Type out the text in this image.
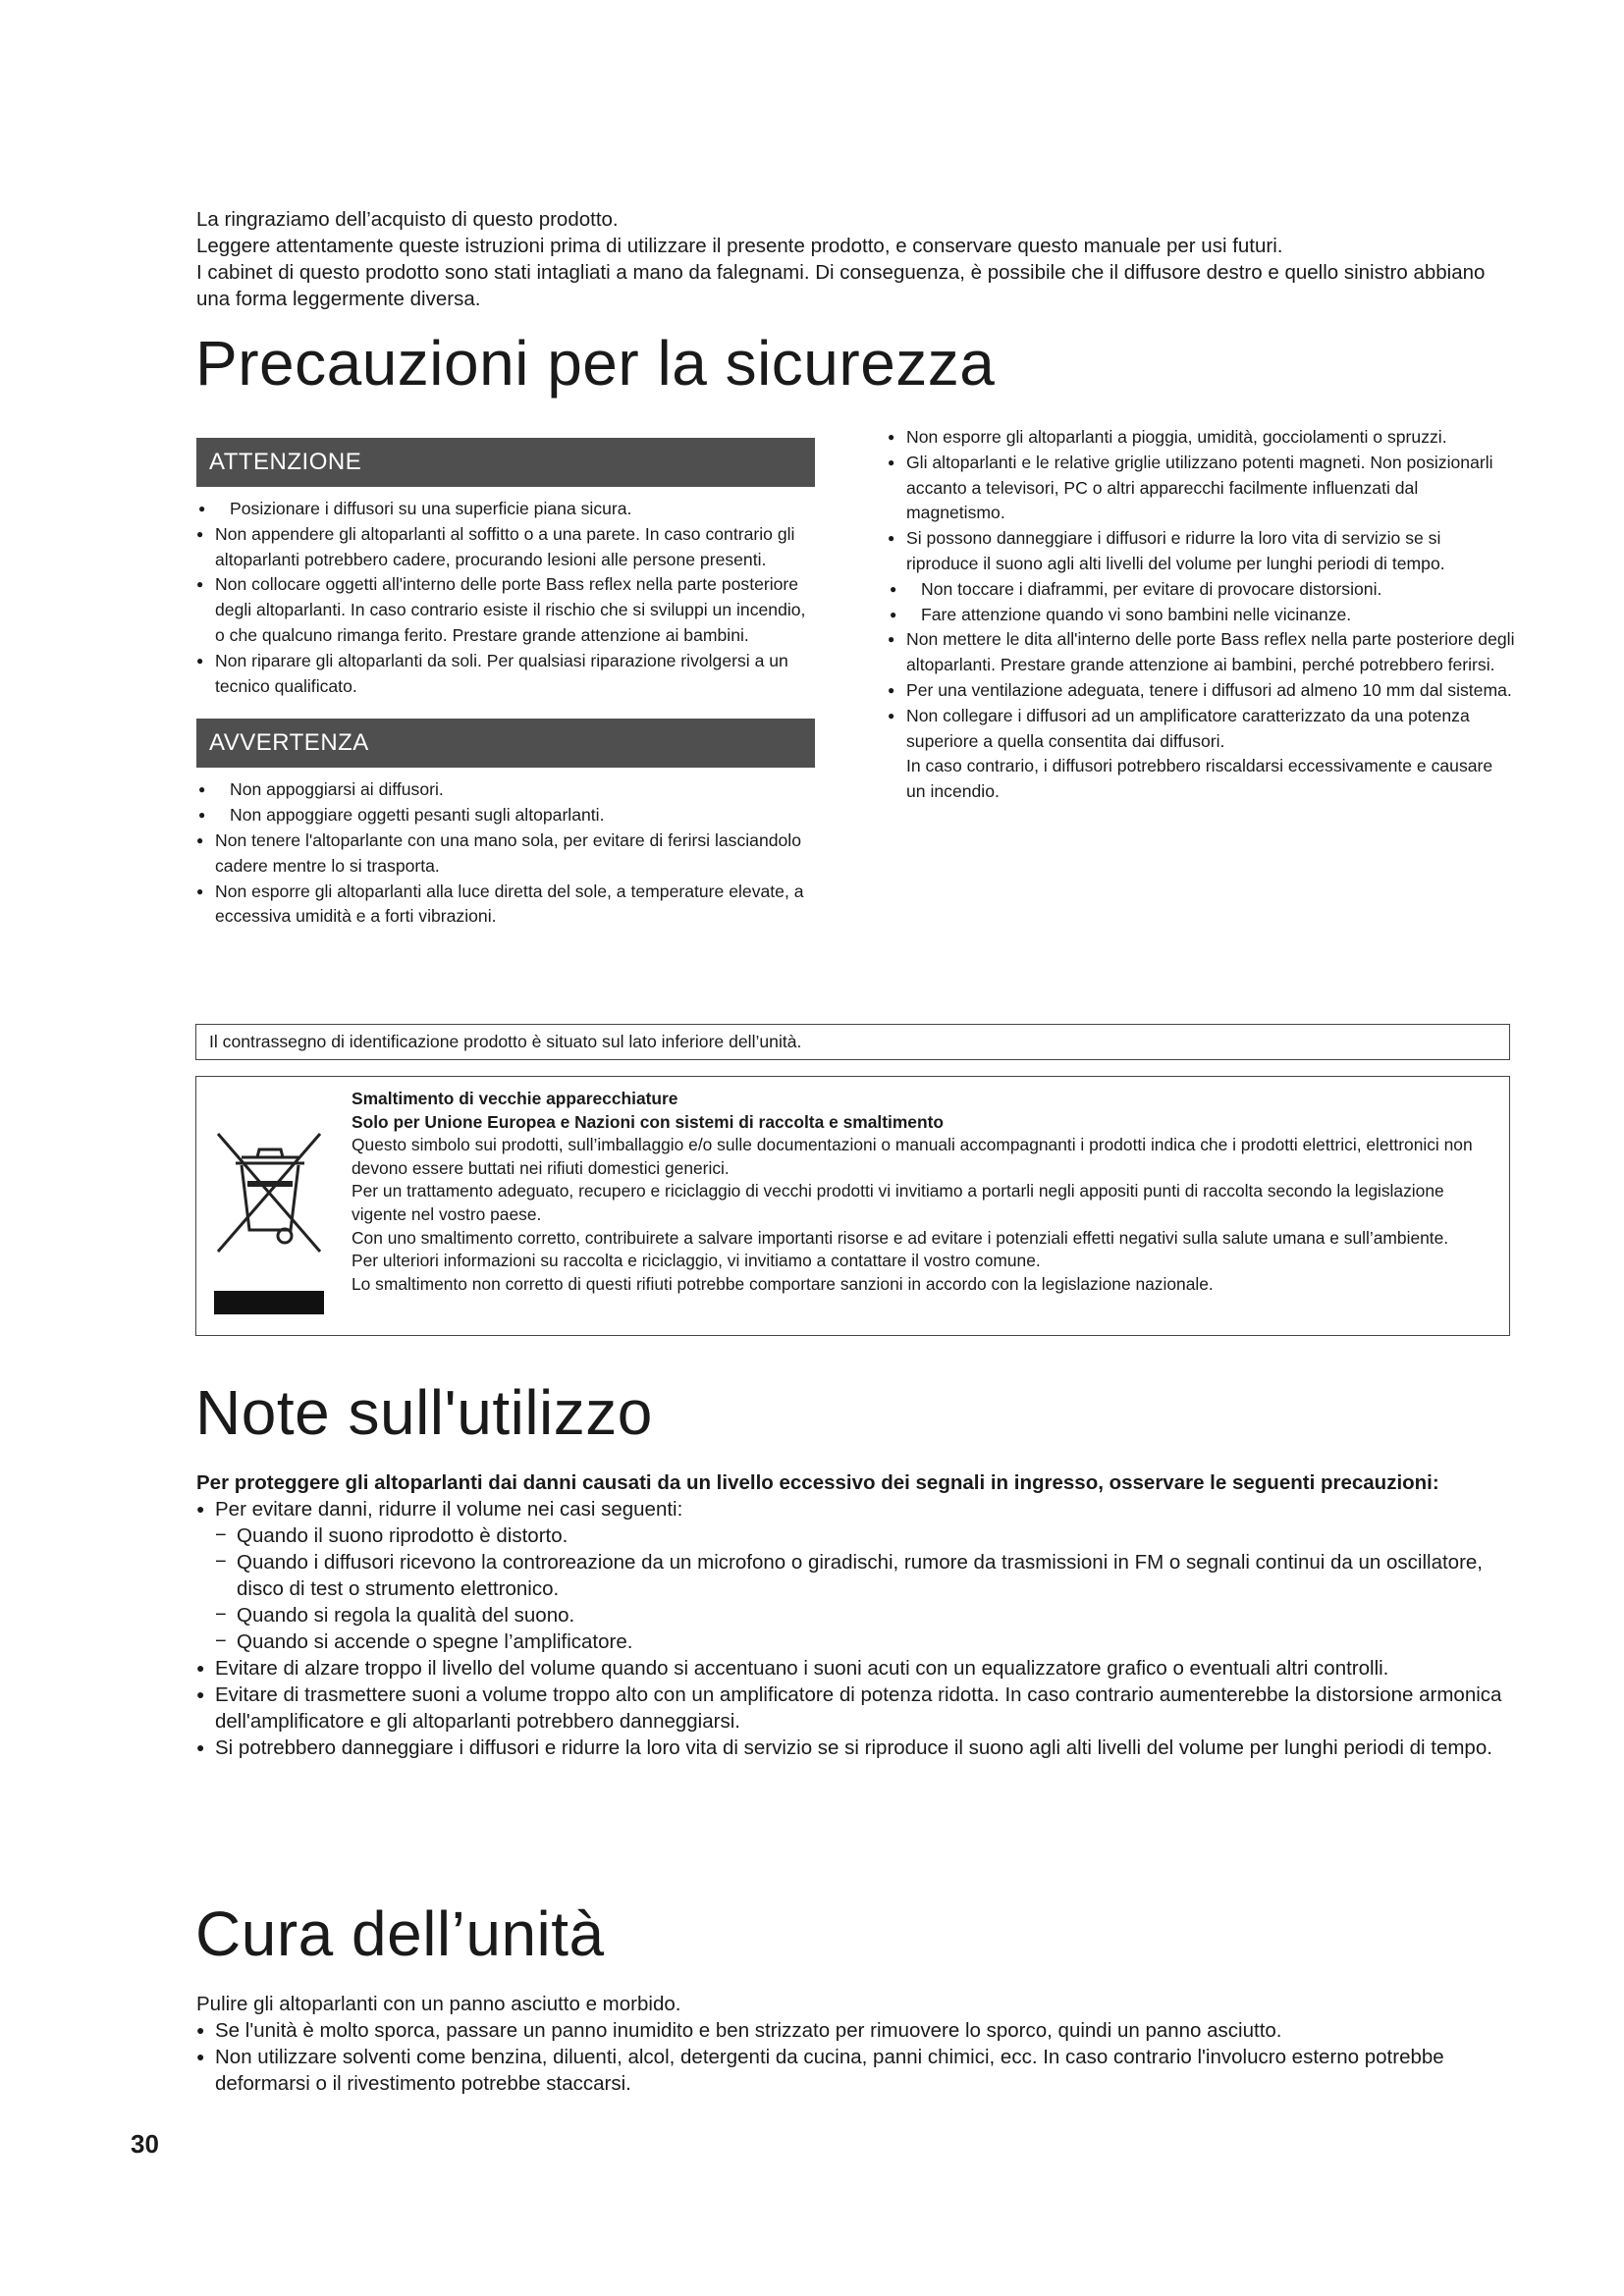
La ringraziamo dell’acquisto di questo prodotto.

Leggere attentamente queste istruzioni prima di utilizzare il presente prodotto, e conservare questo manuale per usi futuri.

I cabinet di questo prodotto sono stati intagliati a mano da falegnami. Di conseguenza, è possibile che il diffusore destro e quello sinistro abbiano una forma leggermente diversa.

Precauzioni per la sicurezza
ATTENZIONE
● Posizionare i diffusori su una superficie piana sicura.
● Non appendere gli altoparlanti al soffitto o a una parete. In caso contrario gli altoparlanti potrebbero cadere, procurando lesioni alle persone presenti.
● Non collocare oggetti all'interno delle porte Bass reflex nella parte posteriore degli altoparlanti. In caso contrario esiste il rischio che si sviluppi un incendio, o che qualcuno rimanga ferito. Prestare grande attenzione ai bambini.
● Non riparare gli altoparlanti da soli. Per qualsiasi riparazione rivolgersi a un tecnico qualificato.
AVVERTENZA
● Non appoggiarsi ai diffusori.
● Non appoggiare oggetti pesanti sugli altoparlanti.
● Non tenere l'altoparlante con una mano sola, per evitare di ferirsi lasciandolo cadere mentre lo si trasporta.
● Non esporre gli altoparlanti alla luce diretta del sole, a temperature elevate, a eccessiva umidità e a forti vibrazioni.
● Non esporre gli altoparlanti a pioggia, umidità, gocciolamenti o spruzzi.
● Gli altoparlanti e le relative griglie utilizzano potenti magneti. Non posizionarli accanto a televisori, PC o altri apparecchi facilmente influenzati dal magnetismo.
● Si possono danneggiare i diffusori e ridurre la loro vita di servizio se si riproduce il suono agli alti livelli del volume per lunghi periodi di tempo.
● Non toccare i diaframmi, per evitare di provocare distorsioni.
● Fare attenzione quando vi sono bambini nelle vicinanze.
● Non mettere le dita all'interno delle porte Bass reflex nella parte posteriore degli altoparlanti. Prestare grande attenzione ai bambini, perché potrebbero ferirsi.
● Per una ventilazione adeguata, tenere i diffusori ad almeno 10 mm dal sistema.
● Non collegare i diffusori ad un amplificatore caratterizzato da una potenza superiore a quella consentita dai diffusori.
In caso contrario, i diffusori potrebbero riscaldarsi eccessivamente e causare un incendio.
Il contrassegno di identificazione prodotto è situato sul lato inferiore dell’unità.

Smaltimento di vecchie apparecchiature

Solo per Unione Europea e Nazioni con sistemi di raccolta e smaltimento

Questo simbolo sui prodotti, sull’imballaggio e/o sulle documentazioni o manuali accompagnanti i prodotti indica che i prodotti elettrici, elettronici non devono essere buttati nei rifiuti domestici generici.

Per un trattamento adeguato, recupero e riciclaggio di vecchi prodotti vi invitiamo a portarli negli appositi punti di raccolta secondo la legislazione vigente nel vostro paese.

Con uno smaltimento corretto, contribuirete a salvare importanti risorse e ad evitare i potenziali effetti negativi sulla salute umana e sull’ambiente.

Per ulteriori informazioni su raccolta e riciclaggio, vi invitiamo a contattare il vostro comune.

Lo smaltimento non corretto di questi rifiuti potrebbe comportare sanzioni in accordo con la legislazione nazionale.

Note sull'utilizzo

Per proteggere gli altoparlanti dai danni causati da un livello eccessivo dei segnali in ingresso, osservare le seguenti precauzioni:

● Per evitare danni, ridurre il volume nei casi seguenti:
− Quando il suono riprodotto è distorto.
− Quando i diffusori ricevono la controreazione da un microfono o giradischi, rumore da trasmissioni in FM o segnali continui da un oscillatore, disco di test o strumento elettronico.
− Quando si regola la qualità del suono.
− Quando si accende o spegne l’amplificatore.
● Evitare di alzare troppo il livello del volume quando si accentuano i suoni acuti con un equalizzatore grafico o eventuali altri controlli.
● Evitare di trasmettere suoni a volume troppo alto con un amplificatore di potenza ridotta. In caso contrario aumenterebbe la distorsione armonica dell'amplificatore e gli altoparlanti potrebbero danneggiarsi.
● Si potrebbero danneggiare i diffusori e ridurre la loro vita di servizio se si riproduce il suono agli alti livelli del volume per lunghi periodi di tempo.
Cura dell’unità

Pulire gli altoparlanti con un panno asciutto e morbido.

● Se l'unità è molto sporca, passare un panno inumidito e ben strizzato per rimuovere lo sporco, quindi un panno asciutto.
● Non utilizzare solventi come benzina, diluenti, alcol, detergenti da cucina, panni chimici, ecc. In caso contrario l'involucro esterno potrebbe deformarsi o il rivestimento potrebbe staccarsi.
30
